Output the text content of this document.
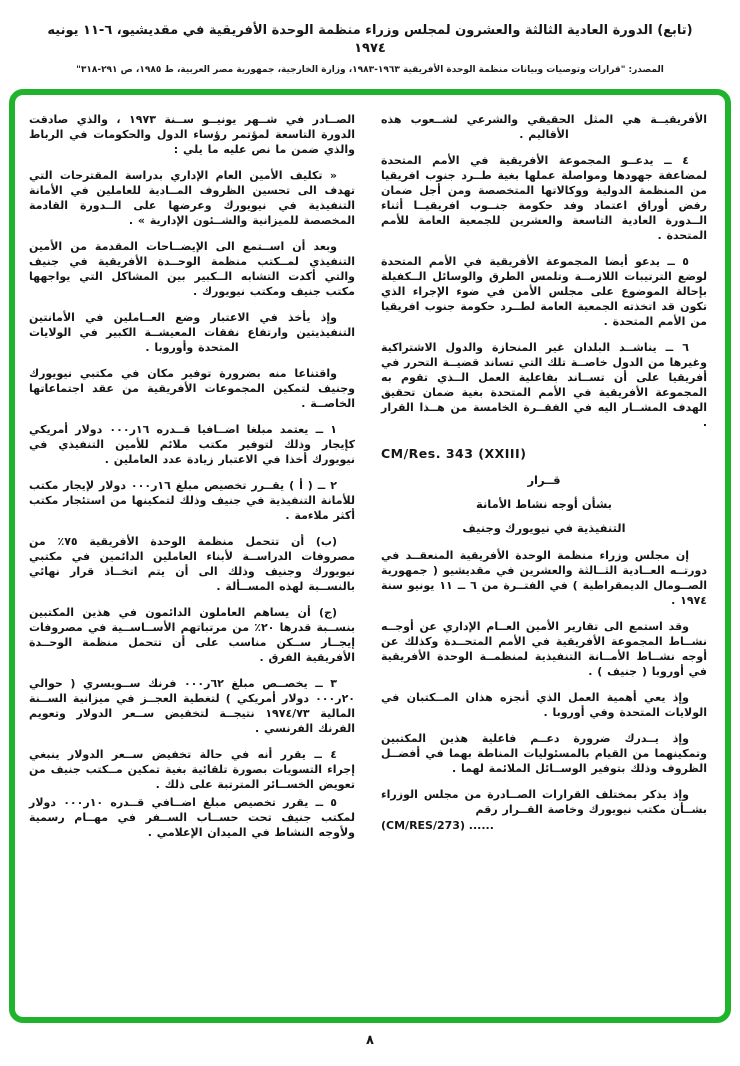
(تابع) الدورة العادية الثالثة والعشرون لمجلس وزراء منظمة الوحدة الأفريقية في مقديشيو، ٦-١١ يونيه ١٩٧٤
المصدر: "قرارات وتوصيات وبيانات منظمة الوحدة الأفريقية ١٩٦٣-١٩٨٣، وزارة الخارجية، جمهورية مصر العربية، ط ١٩٨٥، ص ٢٩١-٣١٨"

الأفريقيــة هي المثل الحقيقي والشرعي لشــعوب هذه الأقاليم .

٤ ــ يدعــو المجموعة الأفريقية في الأمم المتحدة لمضاعفة جهودها ومواصلة عملها بغية طــرد جنوب افريقيا من المنظمة الدولية ووكالاتها المتخصصة ومن أجل ضمان رفض أوراق اعتماد وفد حكومة جنــوب افريقيــا أثناء الــدورة العادية التاسعة والعشرين للجمعية العامة للأمم المتحدة .

٥ ــ يدعو أيضا المجموعة الأفريقية في الأمم المتحدة لوضع الترتيبات اللازمــة وتلمس الطرق والوسائل الــكفيلة بإحالة الموضوع على مجلس الأمن في ضوء الإجراء الذي تكون قد اتخذته الجمعية العامة لطــرد حكومة جنوب افريقيا من الأمم المتحدة .

٦ ــ يناشــد البلدان غير المنحازة والدول الاشتراكية وغيرها من الدول خاصــة تلك التي تساند قضيــة التحرر في أفريقيا على أن تســاند بفاعلية العمل الــذي تقوم به المجموعة الأفريقية في الأمم المتحدة بغية ضمان تحقيق الهدف المشــار اليه في الفقــرة الخامسة من هــذا القرار .

CM/Res. 343 (XXIII)
قــرار
بشأن أوجه نشاط الأمانة
التنفيذية في نيويورك وجنيف

إن مجلس وزراء منظمة الوحدة الأفريقية المنعقــد في دورتــه العــادية الثــالثة والعشرين في مقديشيو ( جمهورية الصــومال الديمقراطية ) في الفتــرة من ٦ ــ ١١ يونيو سنة ١٩٧٤ .

وقد استمع الى تقارير الأمين العــام الإداري عن أوجــه نشــاط المجموعة الأفريقية في الأمم المتحــدة وكذلك عن أوجه نشــاط الأمــانة التنفيذية لمنظمــة الوحدة الأفريقية في أوروبا ( جنيف ) .

وإذ يعي أهمية العمل الذي أنجزه هذان المــكتبان في الولايات المتحدة وفي أوروبا .

وإذ يــدرك ضرورة دعــم فاعلية هذين المكتبين وتمكينهما من القيام بالمسئوليات المناطة بهما في أفضــل الظروف وذلك بتوفير الوســائل الملائمة لهما .

وإذ يذكر بمختلف القرارات الصــادرة من مجلس الوزراء بشــأن مكتب نيويورك وخاصة القــرار رقم

(CM/RES/273) ......

الصــادر في شــهر يونيــو ســنة ١٩٧٣ ، والذي صادقت الدورة التاسعة لمؤتمر رؤساء الدول والحكومات في الرباط والذي ضمن ما نص عليه ما يلي :

« تكليف الأمين العام الإداري بدراسة المقترحات التي تهدف الى تحسين الظروف المــادية للعاملين في الأمانة التنفيذية في نيويورك وعرضها على الــدورة القادمة المخصصة للميزانية والشــئون الإدارية » .

وبعد أن اســتمع الى الإيضــاحات المقدمة من الأمين التنفيذي لمــكتب منظمة الوحــدة الأفريقية في جنيف والتي أكدت التشابه الــكبير بين المشاكل التي يواجهها مكتب جنيف ومكتب نيويورك .

وإذ يأخذ في الاعتبار وضع العــاملين في الأمانتين التنفيذيتين وارتفاع نفقات المعيشــة الكبير في الولايات المتحدة وأوروبا .

واقتناعا منه بضرورة توفير مكان في مكتبي نيويورك وجنيف لتمكين المجموعات الأفريقية من عقد اجتماعاتها الخاصــة .

١ ــ يعتمد مبلغا اضــافيا قــدره ١٦ر٠٠٠ دولار أمريكي كإيجار وذلك لتوفير مكتب ملائم للأمين التنفيذي في نيويورك أخذا في الاعتبار زيادة عدد العاملين .

٢ ــ ( أ ) يقــرر تخصيص مبلغ ١٦ر٠٠٠ دولار لإيجار مكتب للأمانة التنفيذية في جنيف وذلك لتمكينها من استئجار مكتب أكثر ملاءمة .

(ب) أن تتحمل منظمة الوحدة الأفريقية ٧٥٪ من مصروفات الدراســة لأبناء العاملين الدائمين في مكتبي نيويورك وجنيف وذلك الى أن يتم اتخــاذ قرار نهائي بالنســبة لهذه المســألة .

(ج) أن يساهم العاملون الدائمون في هذين المكتبين بنســبة قدرها ٢٠٪ من مرتباتهم الأســاســية في مصروفات إيجــار ســكن مناسب على أن تتحمل منظمة الوحــدة الأفريقية الفرق .

٣ ــ يخصــص مبلغ ٦٢ر٠٠٠ فرنك ســويسري ( حوالي ٢٠ر٠٠٠ دولار أمريكي ) لتغطية العجــز في ميزانية الســنة المالية ١٩٧٤/٧٣ نتيجــة لتخفيض ســعر الدولار وتعويم الفرنك الفرنسي .

٤ ــ يقرر أنه في حالة تخفيض ســعر الدولار ينبغي إجراء التسويات بصورة تلقائية بغية تمكين مــكتب جنيف من تعويض الخســائر المترتبة على ذلك .

٥ ــ يقرر تخصيص مبلغ اضــافي قــدره ١٠ر٠٠٠ دولار لمكتب جنيف تحت حســاب الســفر في مهــام رسمية ولأوجه النشاط في الميدان الإعلامي .

٨
